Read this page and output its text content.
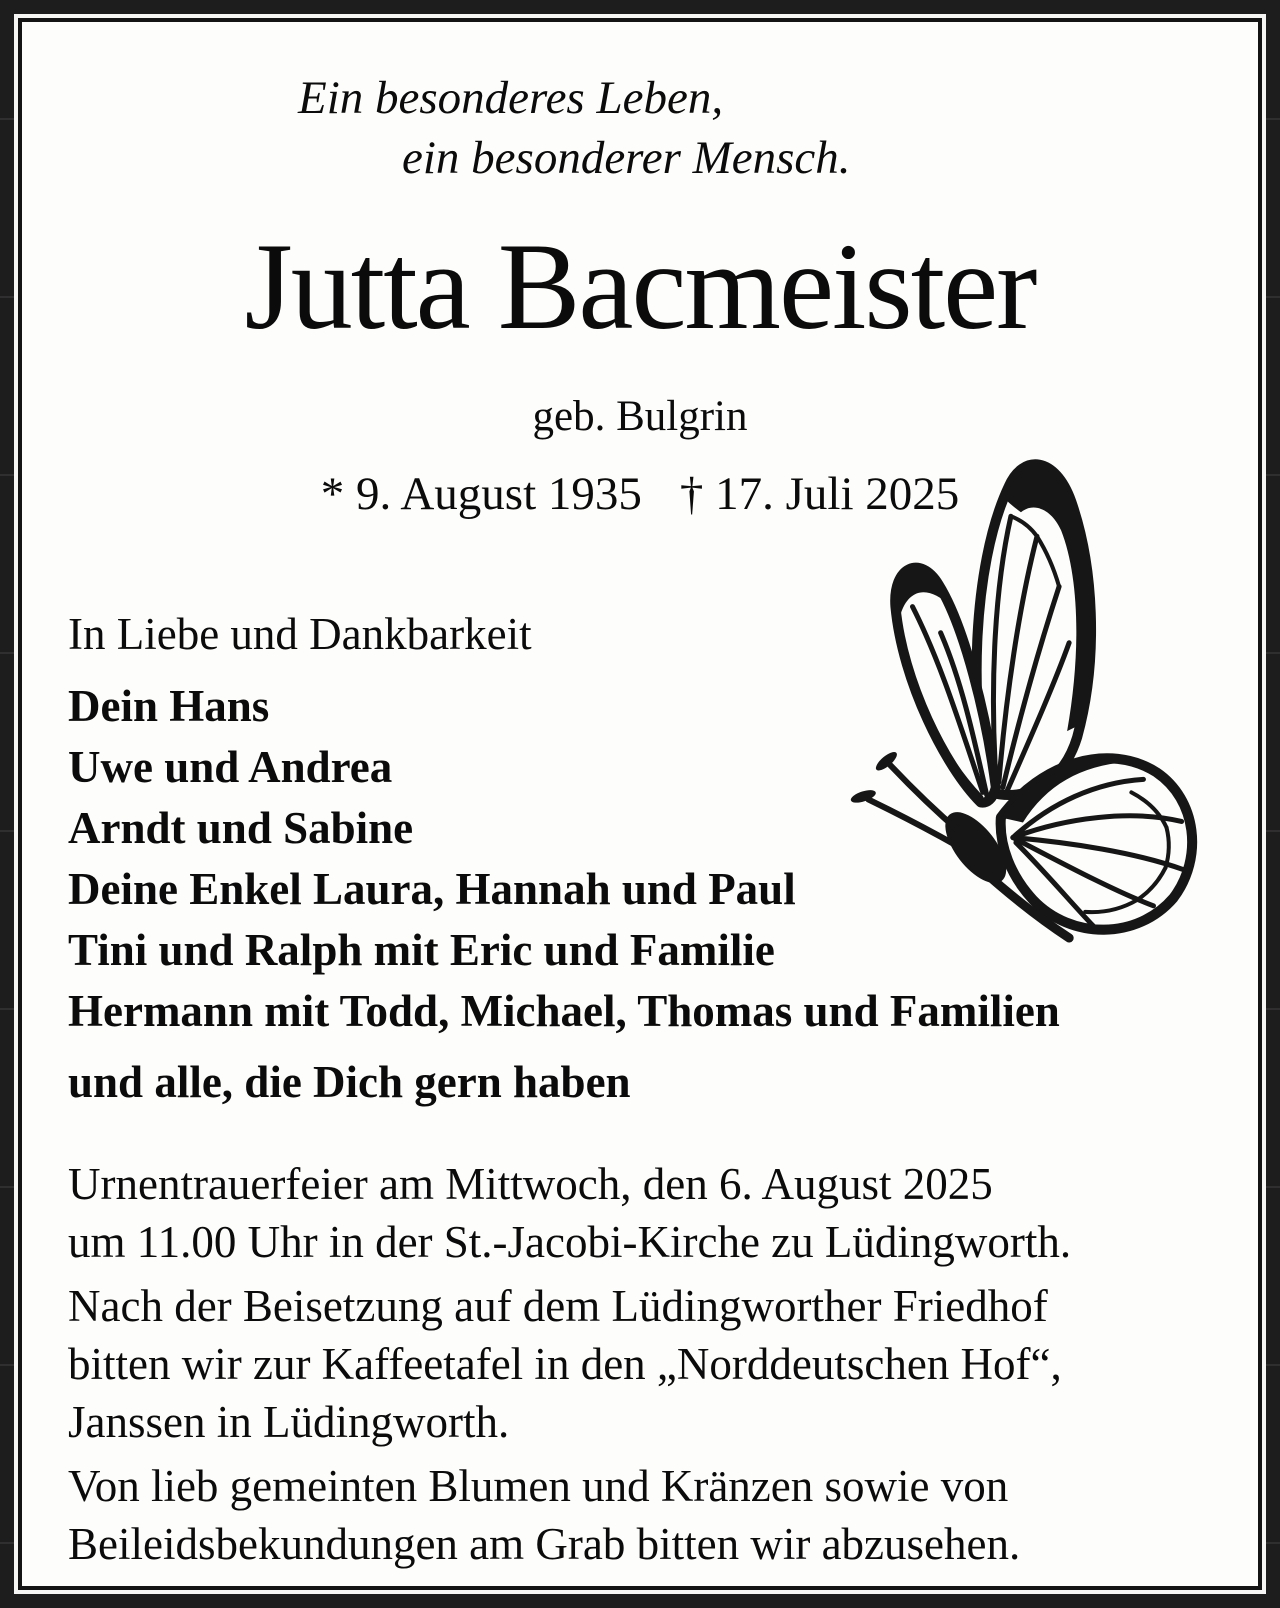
Ein besonderes Leben,
ein besonderer Mensch.
Jutta Bacmeister
geb. Bulgrin
* 9. August 1935 † 17. Juli 2025
In Liebe und Dankbarkeit
Dein Hans
Uwe und Andrea
Arndt und Sabine
Deine Enkel Laura, Hannah und Paul
Tini und Ralph mit Eric und Familie
Hermann mit Todd, Michael, Thomas und Familien
und alle, die Dich gern haben
Urnentrauerfeier am Mittwoch, den 6. August 2025
um 11.00 Uhr in der St.-Jacobi-Kirche zu Lüdingworth.
Nach der Beisetzung auf dem Lüdingworther Friedhof
bitten wir zur Kaffeetafel in den „Norddeutschen Hof“,
Janssen in Lüdingworth.
Von lieb gemeinten Blumen und Kränzen sowie von
Beileidsbekundungen am Grab bitten wir abzusehen.
